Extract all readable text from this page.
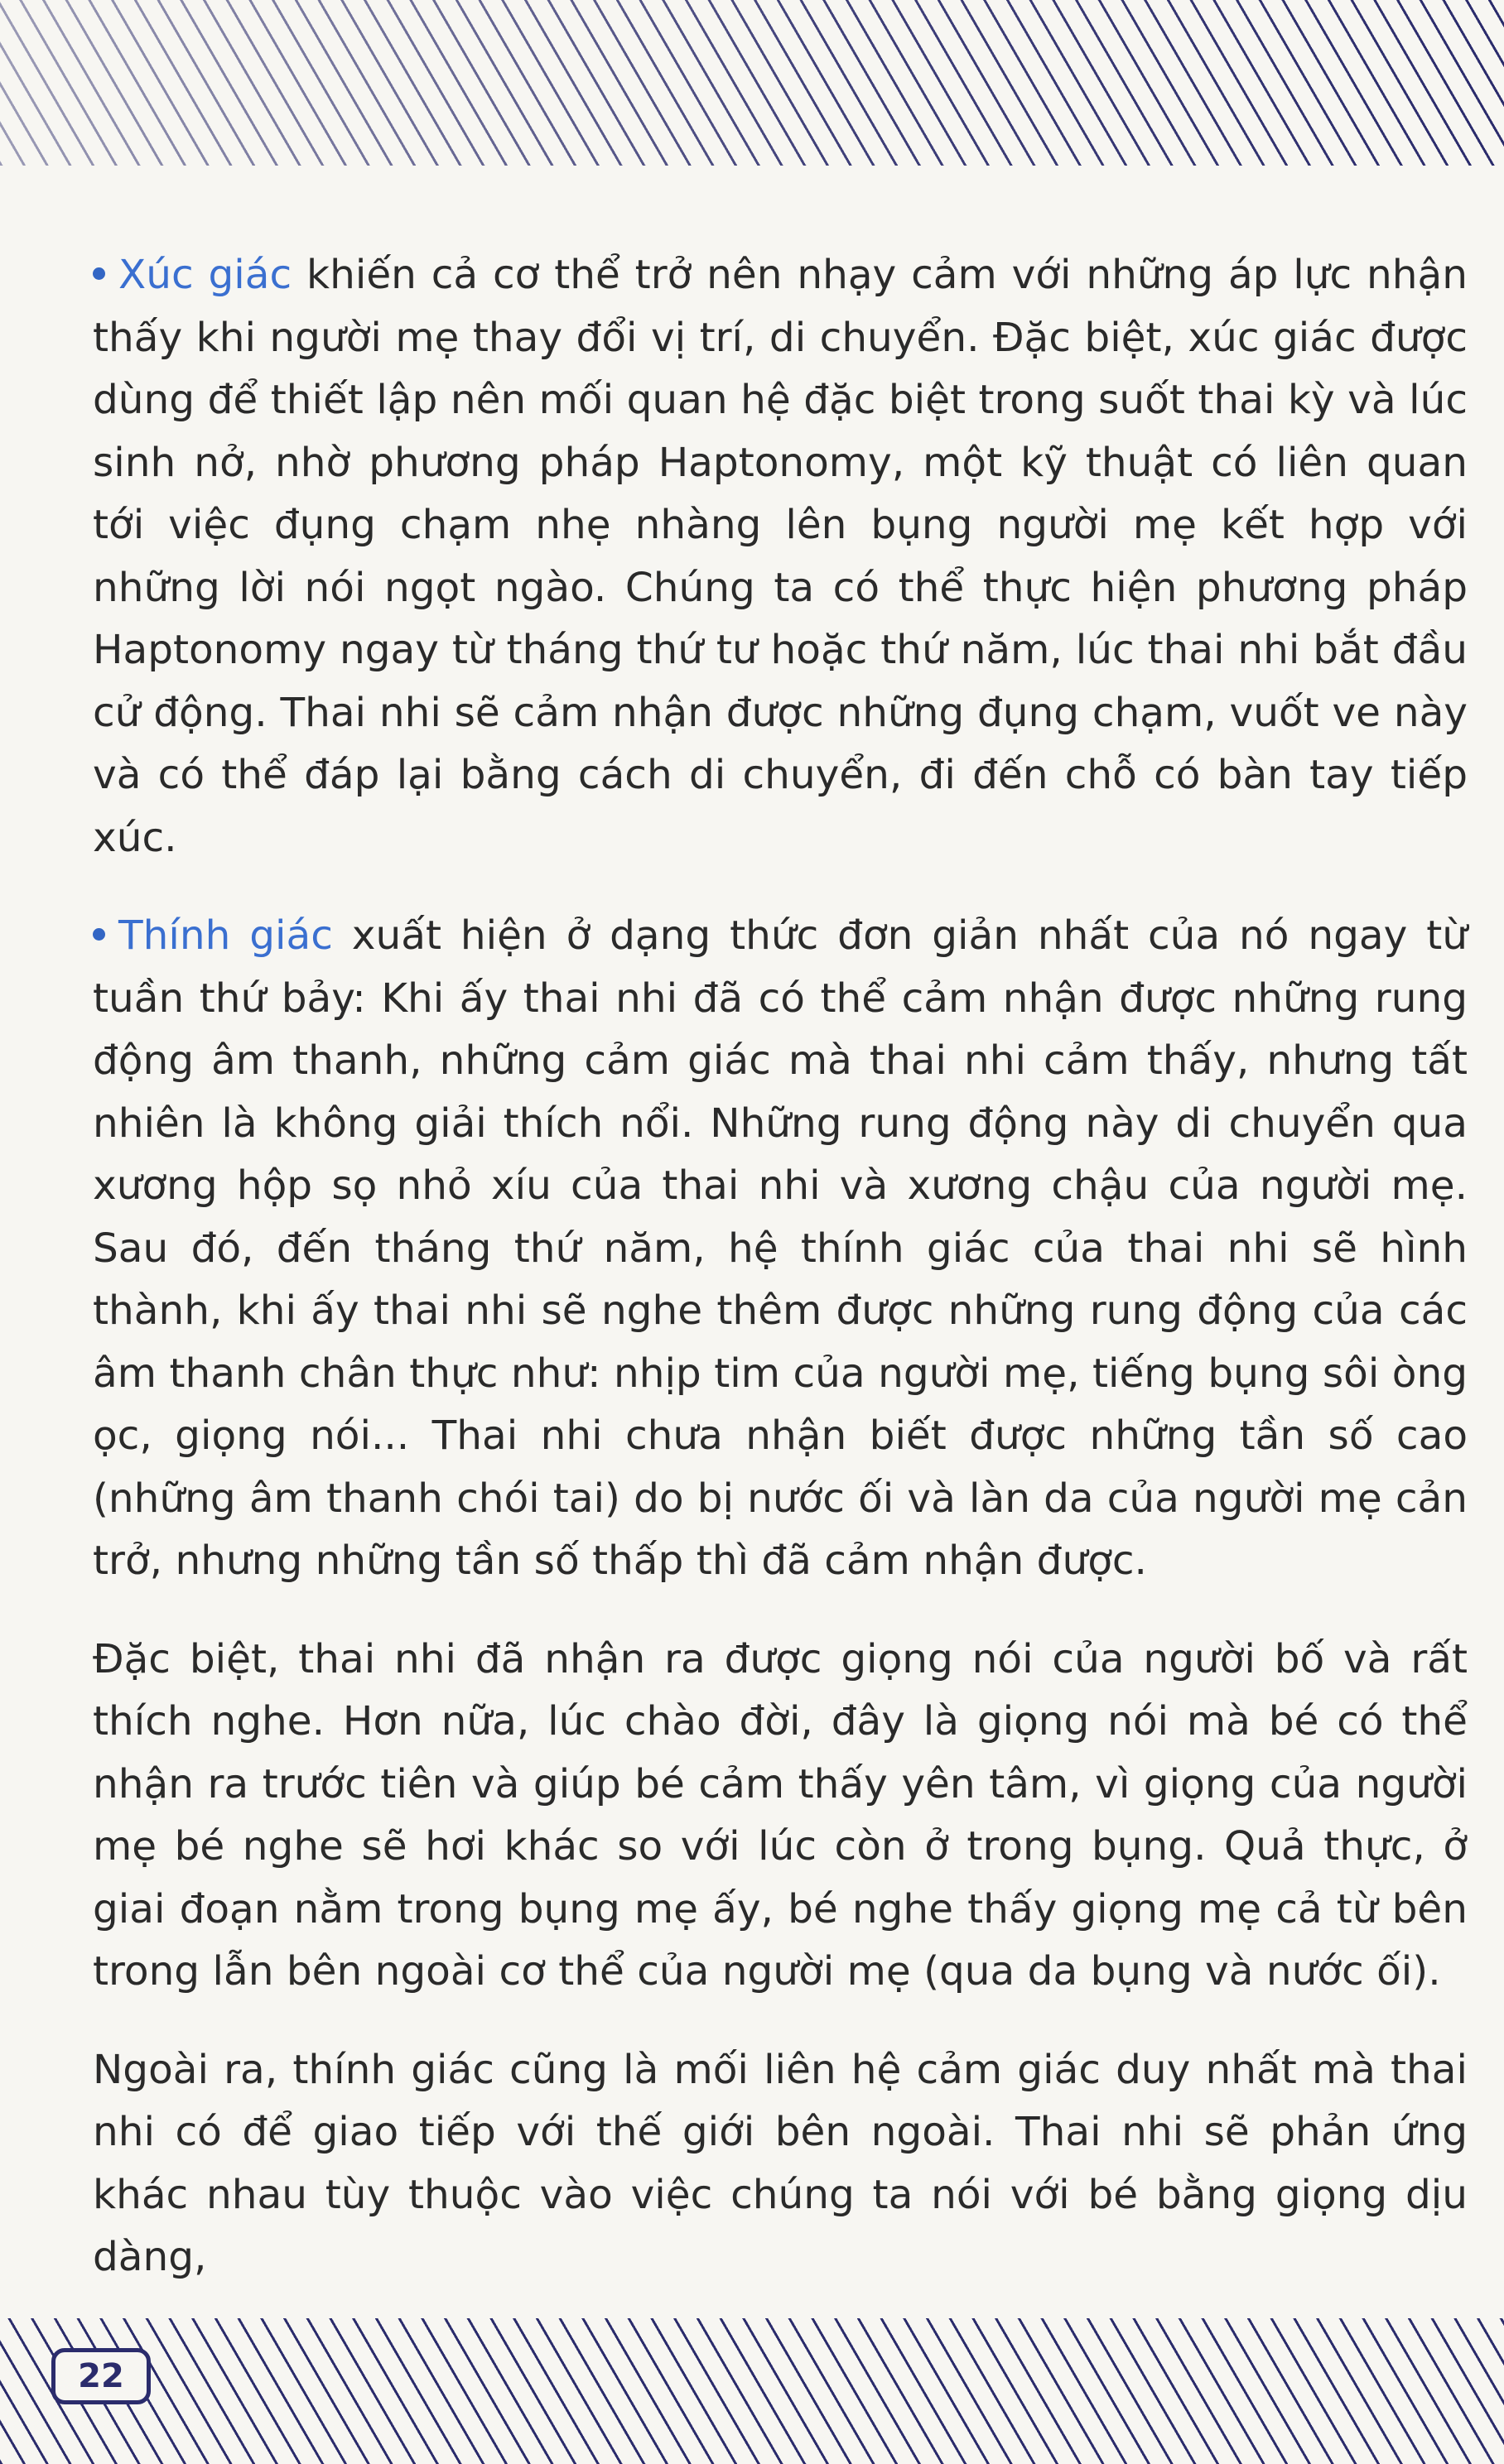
Xúc giác khiến cả cơ thể trở nên nhạy cảm với những áp lực nhận thấy khi người mẹ thay đổi vị trí, di chuyển. Đặc biệt, xúc giác được dùng để thiết lập nên mối quan hệ đặc biệt trong suốt thai kỳ và lúc sinh nở, nhờ phương pháp Haptonomy, một kỹ thuật có liên quan tới việc đụng chạm nhẹ nhàng lên bụng người mẹ kết hợp với những lời nói ngọt ngào. Chúng ta có thể thực hiện phương pháp Haptonomy ngay từ tháng thứ tư hoặc thứ năm, lúc thai nhi bắt đầu cử động. Thai nhi sẽ cảm nhận được những đụng chạm, vuốt ve này và có thể đáp lại bằng cách di chuyển, đi đến chỗ có bàn tay tiếp xúc.

Thính giác xuất hiện ở dạng thức đơn giản nhất của nó ngay từ tuần thứ bảy: Khi ấy thai nhi đã có thể cảm nhận được những rung động âm thanh, những cảm giác mà thai nhi cảm thấy, nhưng tất nhiên là không giải thích nổi. Những rung động này di chuyển qua xương hộp sọ nhỏ xíu của thai nhi và xương chậu của người mẹ. Sau đó, đến tháng thứ năm, hệ thính giác của thai nhi sẽ hình thành, khi ấy thai nhi sẽ nghe thêm được những rung động của các âm thanh chân thực như: nhịp tim của người mẹ, tiếng bụng sôi òng ọc, giọng nói... Thai nhi chưa nhận biết được những tần số cao (những âm thanh chói tai) do bị nước ối và làn da của người mẹ cản trở, nhưng những tần số thấp thì đã cảm nhận được.

Đặc biệt, thai nhi đã nhận ra được giọng nói của người bố và rất thích nghe. Hơn nữa, lúc chào đời, đây là giọng nói mà bé có thể nhận ra trước tiên và giúp bé cảm thấy yên tâm, vì giọng của người mẹ bé nghe sẽ hơi khác so với lúc còn ở trong bụng. Quả thực, ở giai đoạn nằm trong bụng mẹ ấy, bé nghe thấy giọng mẹ cả từ bên trong lẫn bên ngoài cơ thể của người mẹ (qua da bụng và nước ối).

Ngoài ra, thính giác cũng là mối liên hệ cảm giác duy nhất mà thai nhi có để giao tiếp với thế giới bên ngoài. Thai nhi sẽ phản ứng khác nhau tùy thuộc vào việc chúng ta nói với bé bằng giọng dịu dàng,

22
